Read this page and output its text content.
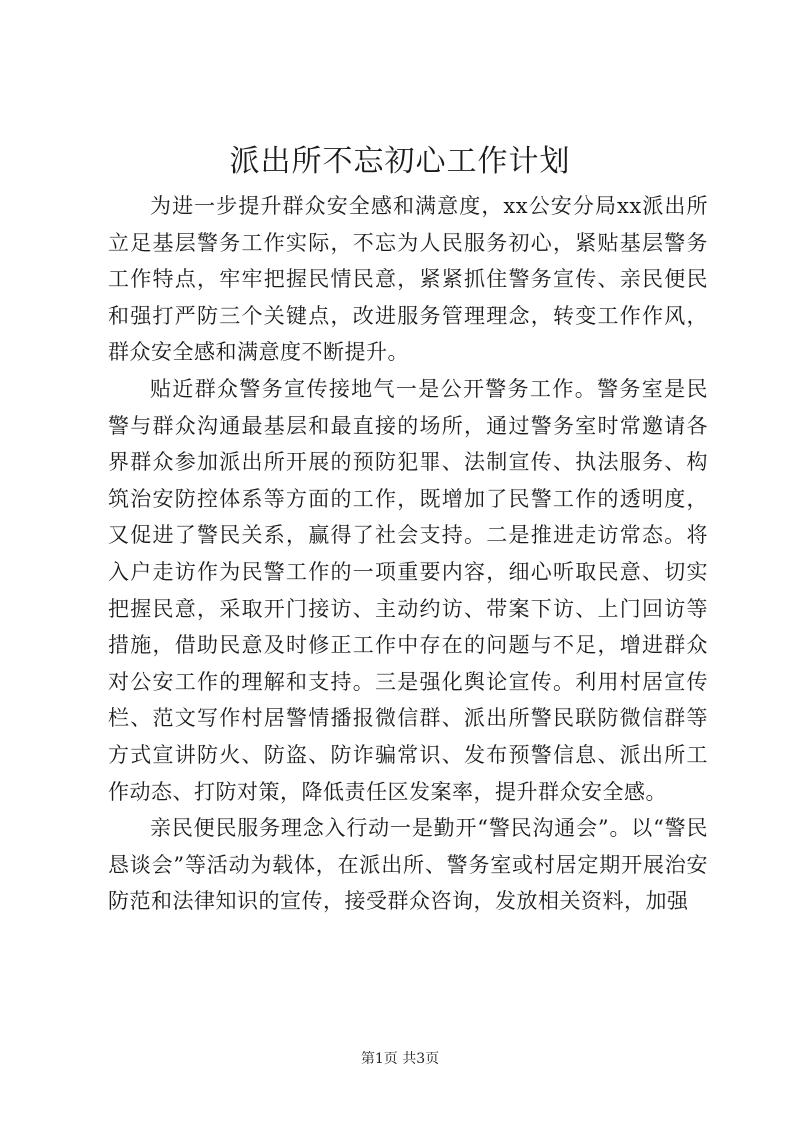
派出所不忘初心工作计划

为进一步提升群众安全感和满意度，xx公安分局xx派出所立足基层警务工作实际，不忘为人民服务初心，紧贴基层警务工作特点，牢牢把握民情民意，紧紧抓住警务宣传、亲民便民和强打严防三个关键点，改进服务管理理念，转变工作作风，群众安全感和满意度不断提升。

贴近群众警务宣传接地气一是公开警务工作。警务室是民警与群众沟通最基层和最直接的场所，通过警务室时常邀请各界群众参加派出所开展的预防犯罪、法制宣传、执法服务、构筑治安防控体系等方面的工作，既增加了民警工作的透明度，又促进了警民关系，赢得了社会支持。二是推进走访常态。将入户走访作为民警工作的一项重要内容，细心听取民意、切实把握民意，采取开门接访、主动约访、带案下访、上门回访等措施，借助民意及时修正工作中存在的问题与不足，增进群众对公安工作的理解和支持。三是强化舆论宣传。利用村居宣传栏、范文写作村居警情播报微信群、派出所警民联防微信群等方式宣讲防火、防盗、防诈骗常识、发布预警信息、派出所工作动态、打防对策，降低责任区发案率，提升群众安全感。

亲民便民服务理念入行动一是勤开“警民沟通会”。以“警民恳谈会”等活动为载体，在派出所、警务室或村居定期开展治安防范和法律知识的宣传，接受群众咨询，发放相关资料，加强

第1页 共3页
